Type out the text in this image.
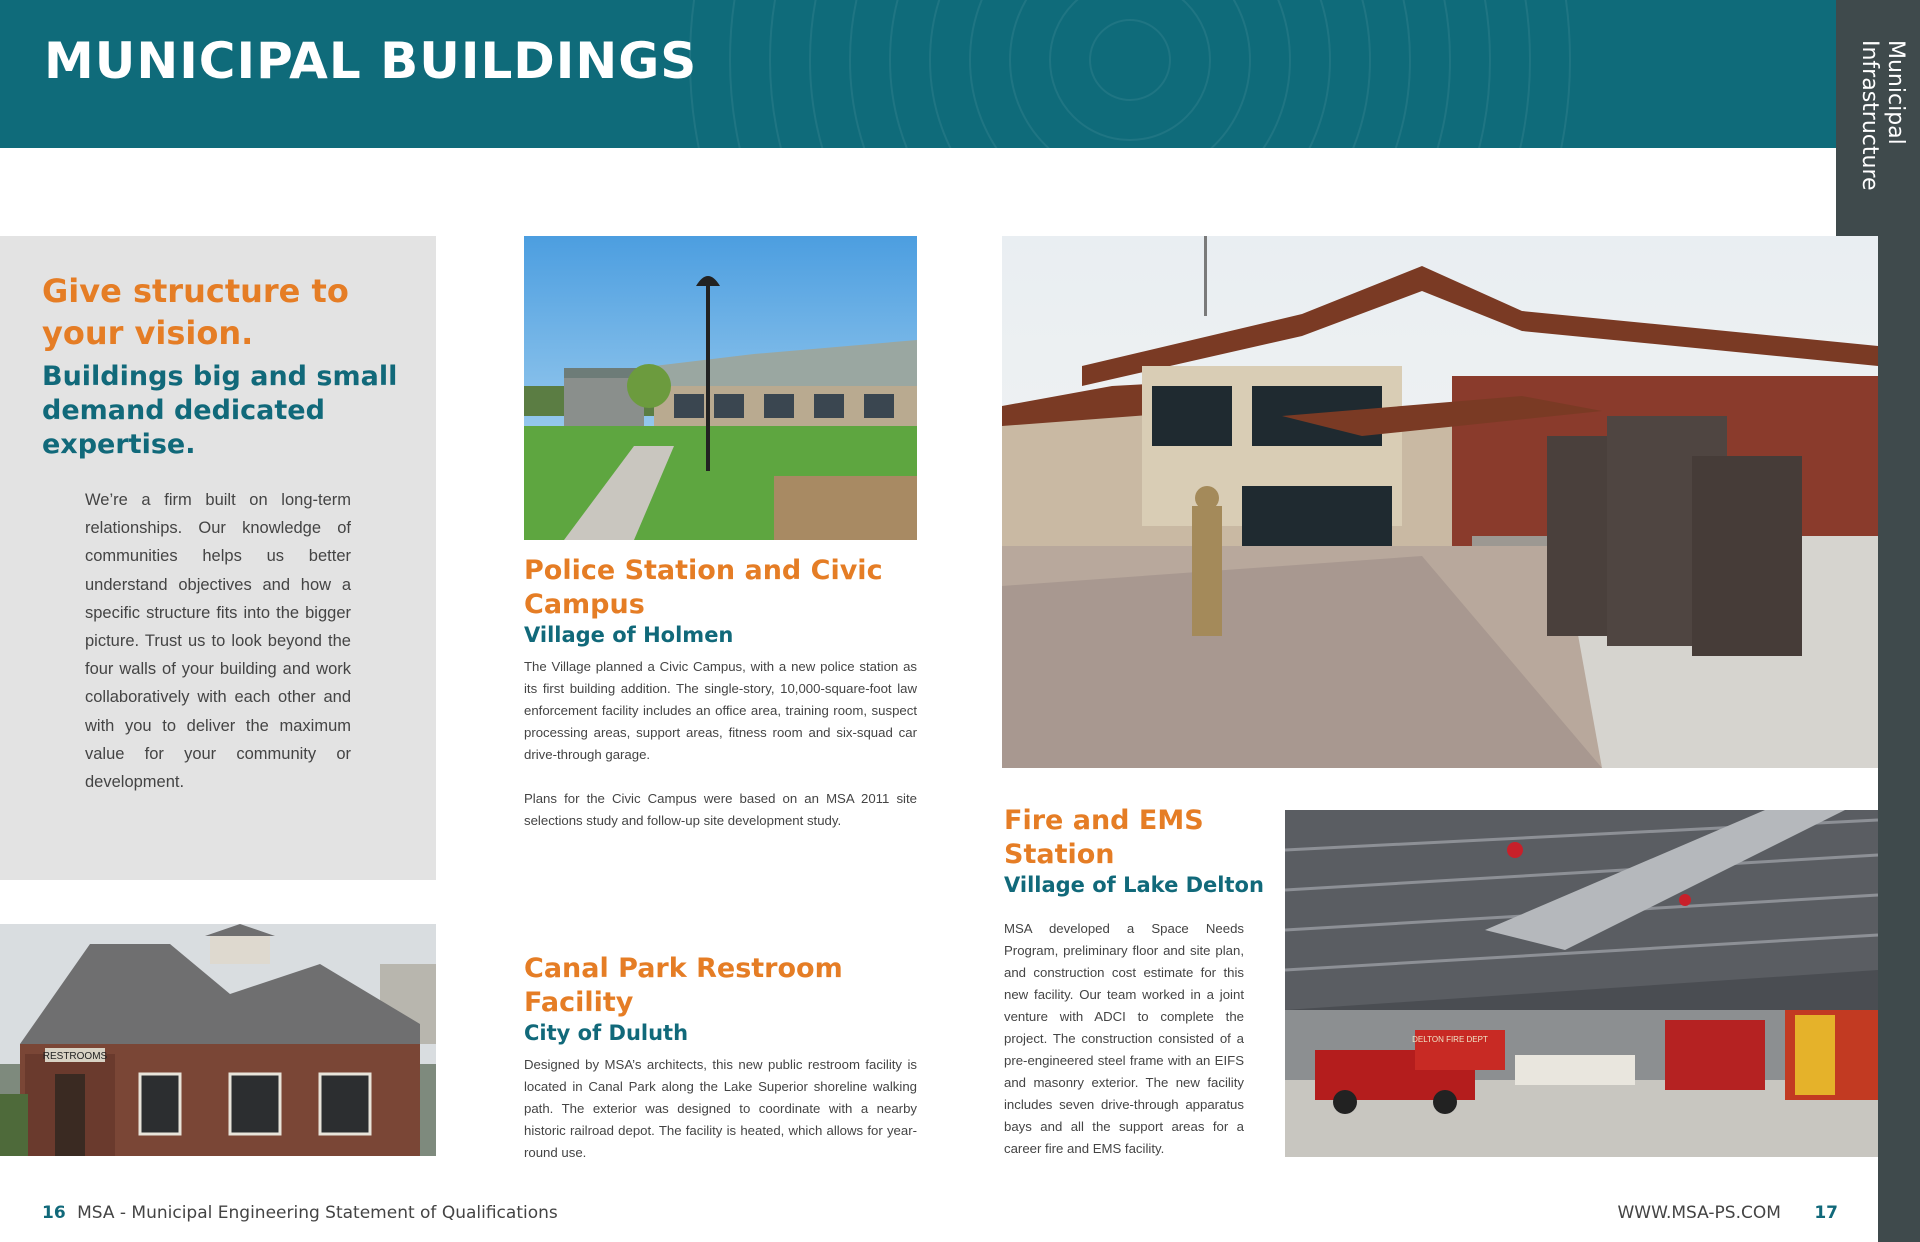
MUNICIPAL BUILDINGS	Municipal
Infrastructure
Give structure to your vision.
Buildings big and small demand dedicated expertise.
We’re a firm built on long-term relationships. Our knowledge of communities helps us better understand objectives and how a specific structure fits into the bigger picture. Trust us to look beyond the four walls of your building and work collaboratively with each other and with you to deliver the maximum value for your community or development.
RESTROOMS
DELTON FIRE DEPT
Police Station and Civic Campus
Village of Holmen

The Village planned a Civic Campus, with a new police station as its first building addition. The single-story, 10,000-square-foot law enforcement facility includes an office area, training room, suspect processing areas, support areas, fitness room and six-squad car drive-through garage.

Plans for the Civic Campus were based on an MSA 2011 site selections study and follow-up site development study.

Canal Park Restroom Facility
City of Duluth

Designed by MSA’s architects, this new public restroom facility is located in Canal Park along the Lake Superior shoreline walking path. The exterior was designed to coordinate with a nearby historic railroad depot. The facility is heated, which allows for year-round use.

Fire and EMS Station
Village of Lake Delton

MSA developed a Space Needs Program, preliminary floor and site plan, and construction cost estimate for this new facility. Our team worked in a joint venture with ADCI to complete the project. The construction consisted of a pre-engineered steel frame with an EIFS and masonry exterior. The new facility includes seven drive-through apparatus bays and all the support areas for a career fire and EMS facility.

16 MSA - Municipal Engineering Statement of Qualifications	WWW.MSA-PS.COM 17
